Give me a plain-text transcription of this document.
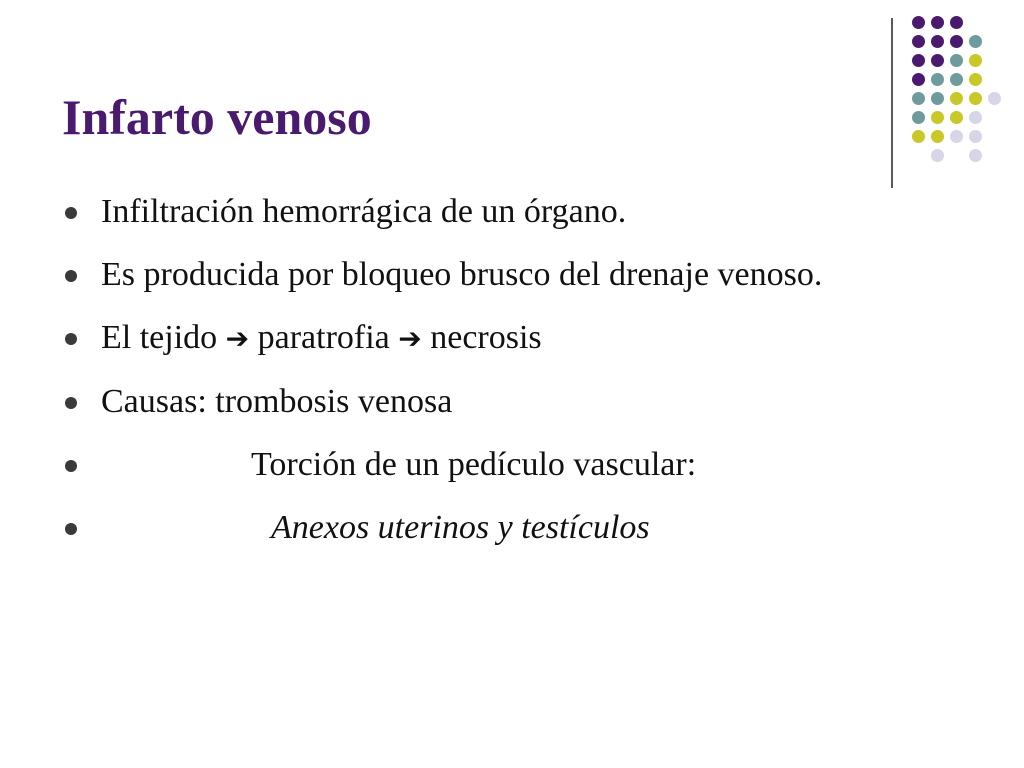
Infarto venoso
Infiltración hemorrágica de un órgano.
Es producida por bloqueo brusco del drenaje venoso.
El tejido ➔ paratrofia ➔ necrosis
Causas: trombosis venosa
Torción de un pedículo vascular:
Anexos uterinos y testículos
